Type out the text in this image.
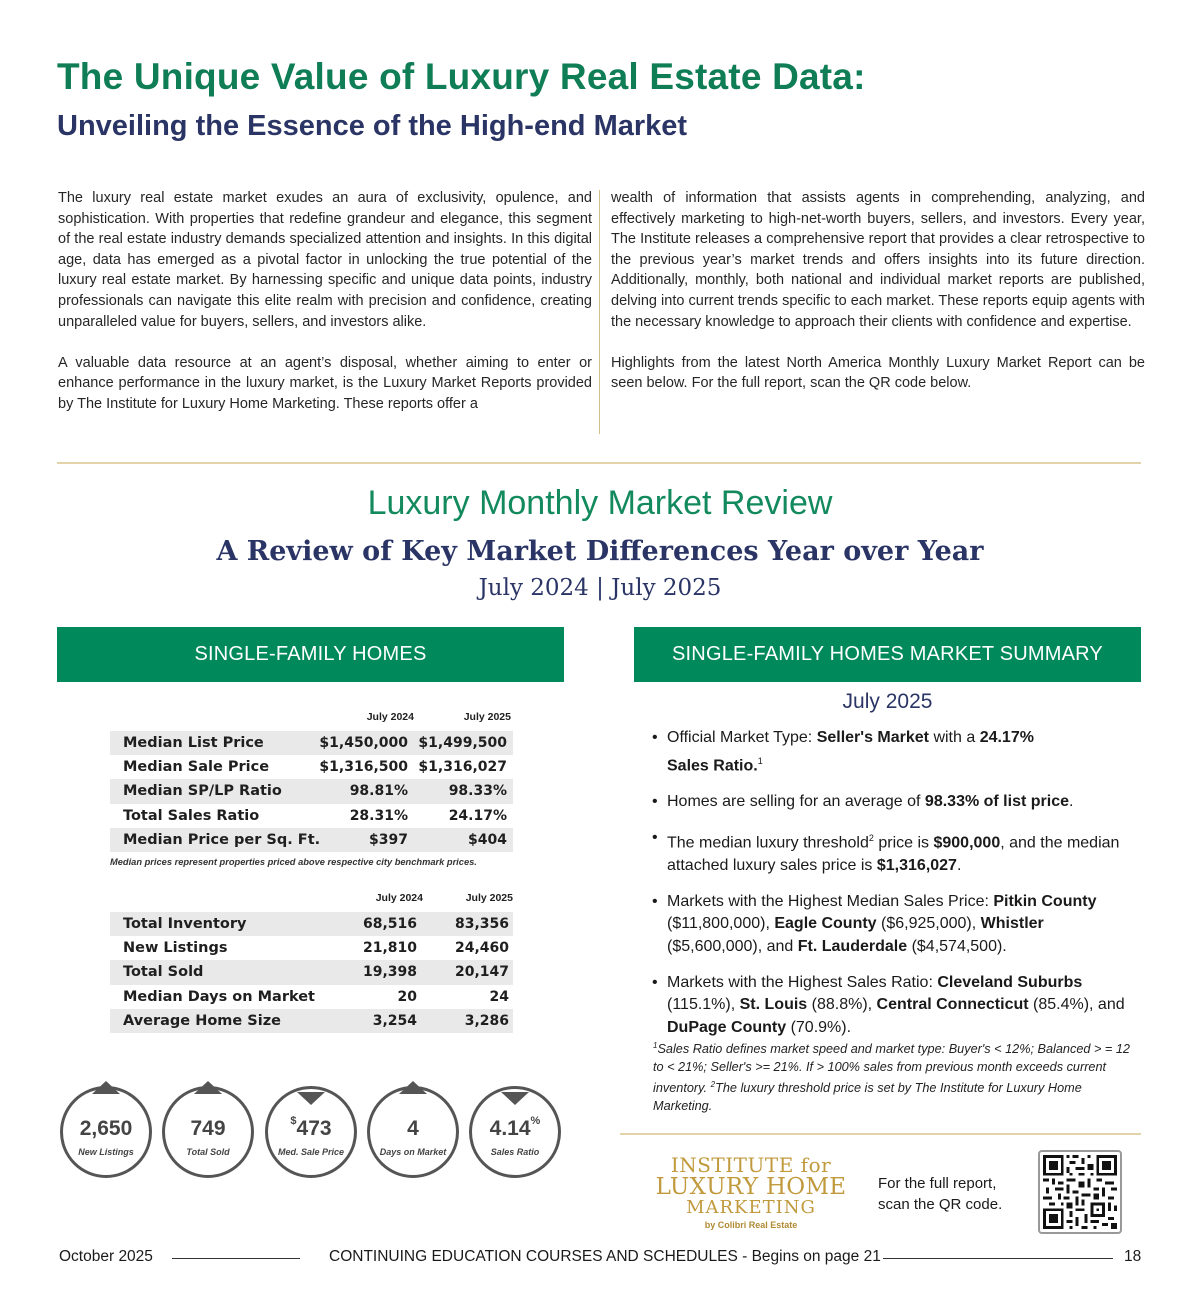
The Unique Value of Luxury Real Estate Data:
Unveiling the Essence of the High-end Market

The luxury real estate market exudes an aura of exclusivity, opulence, and sophistication. With properties that redefine grandeur and elegance, this segment of the real estate industry demands specialized attention and insights. In this digital age, data has emerged as a pivotal factor in unlocking the true potential of the luxury real estate market. By harnessing specific and unique data points, industry professionals can navigate this elite realm with precision and confidence, creating unparalleled value for buyers, sellers, and investors alike.

A valuable data resource at an agent’s disposal, whether aiming to enter or enhance performance in the luxury market, is the Luxury Market Reports provided by The Institute for Luxury Home Marketing. These reports offer a

wealth of information that assists agents in comprehending, analyzing, and effectively marketing to high-net-worth buyers, sellers, and investors. Every year, The Institute releases a comprehensive report that provides a clear retrospective to the previous year’s market trends and offers insights into its future direction. Additionally, monthly, both national and individual market reports are published, delving into current trends specific to each market. These reports equip agents with the necessary knowledge to approach their clients with confidence and expertise.

Highlights from the latest North America Monthly Luxury Market Report can be seen below. For the full report, scan the QR code below.

Luxury Monthly Market Review
A Review of Key Market Differences Year over Year
July 2024 | July 2025
SINGLE-FAMILY HOMES	SINGLE-FAMILY HOMES MARKET SUMMARY
July 2024	July 2025
Median List Price	$1,450,000 $1,499,500
Median Sale Price	$1,316,500 $1,316,027
Median SP/LP Ratio	98.81%	98.33%
Total Sales Ratio	28.31%	24.17%
Median Price per Sq. Ft.	$397	$404
Median prices represent properties priced above respective city benchmark prices.
July 2024	July 2025
Total Inventory	68,516	83,356
New Listings	21,810	24,460
Total Sold	19,398	20,147
Median Days on Market	20	24
Average Home Size	3,254	3,286
2,650
New Listings
749
Total Sold
$473
Med. Sale Price
4
Days on Market
4.14%
Sales Ratio
July 2025
• Official Market Type: Seller's Market with a 24.17%
Sales Ratio.$^1$
• Homes are selling for an average of 98.33% of list price.
• The median luxury threshold$^2$ price is $900,000, and the median attached luxury sales price is $1,316,027.
• Markets with the Highest Median Sales Price: Pitkin County ($11,800,000), Eagle County ($6,925,000), Whistler ($5,600,000), and Ft. Lauderdale ($4,574,500).
• Markets with the Highest Sales Ratio: Cleveland Suburbs (115.1%), St. Louis (88.8%), Central Connecticut (85.4%), and DuPage County (70.9%).
$^1$Sales Ratio defines market speed and market type: Buyer's < 12%; Balanced > = 12 to < 21%; Seller's >= 21%. If > 100% sales from previous month exceeds current inventory. $^2$The luxury threshold price is set by The Institute for Luxury Home Marketing.
INSTITUTE for
LUXURY HOME
MARKETING
by Colibri Real Estate
For the full report,
scan the QR code.
October 2025	CONTINUING EDUCATION COURSES AND SCHEDULES - Begins on page 21	18
